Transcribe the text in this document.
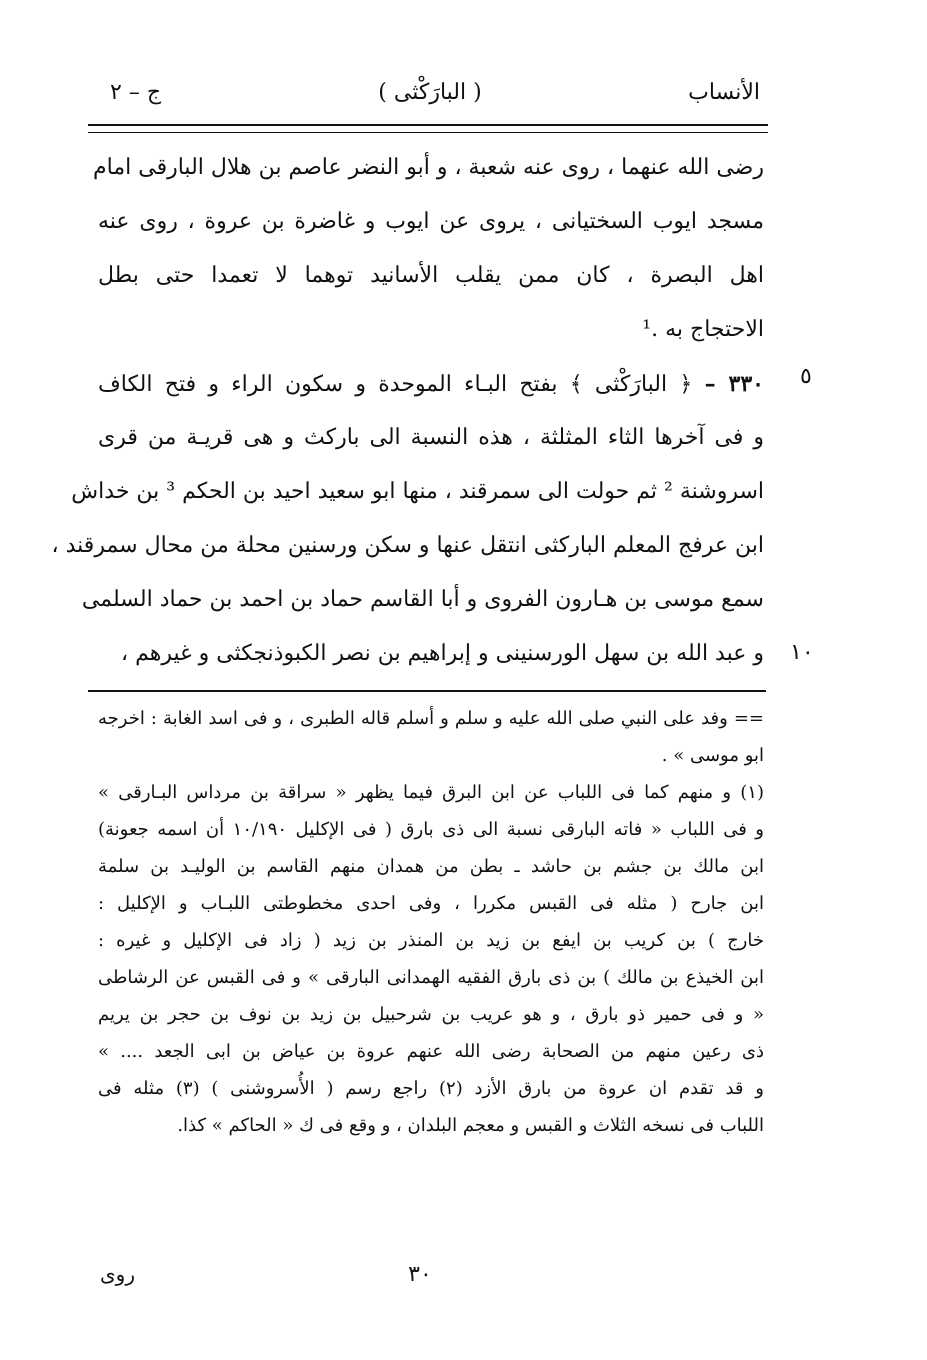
ج – ٢	( البارَكْثى )	الأنساب
رضى الله عنهما ، روى عنه شعبة ، و أبو النضر عاصم بن هلال البارقى امام
مسجد ايوب السختيانى ، يروى عن ايوب و غاضرة بن عروة ، روى عنه
اهل البصرة ، كان ممن يقلب الأسانيد توهما لا تعمدا حتى بطل
الاحتجاج به .¹
٣٣٠ – ﴿ البارَكْثى ﴾ بفتح البـاء الموحدة و سكون الراء و فتح الكاف
و فى آخرها الثاء المثلثة ، هذه النسبة الى باركث و هى قريـة من قرى
اسروشنة ² ثم حولت الى سمرقند ، منها ابو سعيد احيد بن الحكم ³ بن خداش
ابن عرفج المعلم البارکثى انتقل عنها و سكن ورسنين محلة من محال سمرقند ،
سمع موسى بن هـارون الفروى و أبا القاسم حماد بن احمد بن حماد السلمى
و عبد الله بن سهل الورسنينى و إبراهيم بن نصر الكبوذنجكثى و غيرهم ،
٥
١٠
== وفد على النبي صلى الله عليه و سلم و أسلم قاله الطبرى ، و فى اسد الغابة : اخرجه
ابو موسى » .
(١) و منهم كما فى اللباب عن ابن البرق فيما يظهر « سراقة بن مرداس البـارقى »
و فى اللباب « فاته البارقى نسبة الى ذى بارق ( فى الإكليل ١٠/١٩٠ أن اسمه جعونة)
ابن مالك بن جشم بن حاشد ـ بطن من همدان منهم القاسم بن الوليـد بن سلمة
ابن جارح ( مثله فى القبس مكررا ، وفى احدى مخطوطتى اللبـاب و الإكليل :
خارج ) بن كريب بن ايفع بن زيد بن المنذر بن زيد ( زاد فى الإكليل و غيره :
ابن الخيذع بن مالك ) بن ذى بارق الفقيه الهمدانى البارقى » و فى القبس عن الرشاطى
« و فى حمير ذو بارق ، و هو عريب بن شرحبيل بن زيد بن نوف بن حجر بن يريم
ذى رعين منهم من الصحابة رضى الله عنهم عروة بن عياض بن ابى الجعد .... »
و قد تقدم ان عروة من بارق الأزد (٢) راجع رسم ( الأُسروشنى ) (٣) مثله فى
اللباب فى نسخه الثلاث و القبس و معجم البلدان ، و وقع فى ك « الحاكم » كذا.
٣٠
روى
